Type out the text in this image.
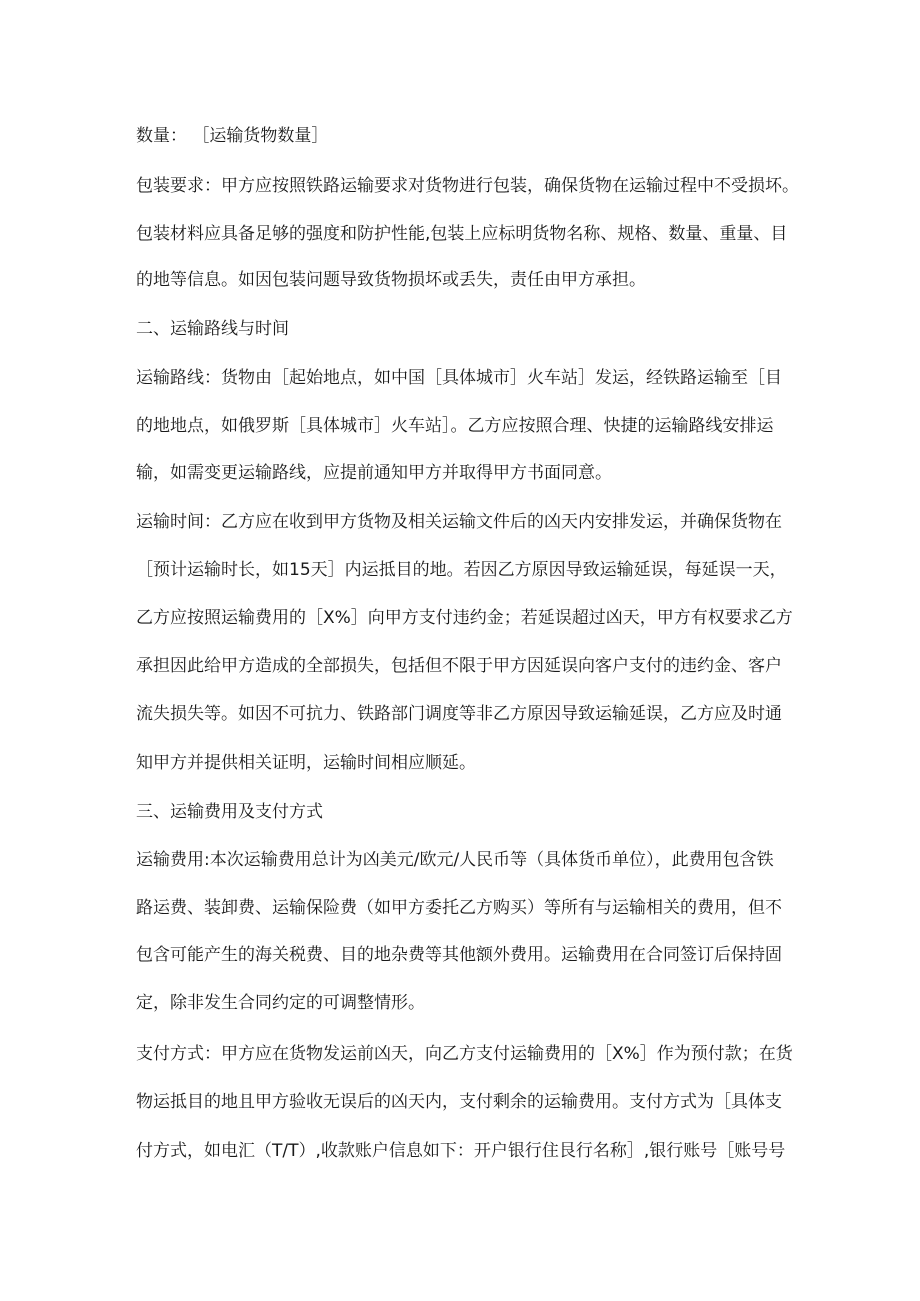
数量： ［运输货物数量］
包装要求：甲方应按照铁路运输要求对货物进行包装，确保货物在运输过程中不受损坏。
包装材料应具备足够的强度和防护性能,包装上应标明货物名称、规格、数量、重量、目
的地等信息。如因包装问题导致货物损坏或丢失，责任由甲方承担。
二、运输路线与时间
运输路线：货物由［起始地点，如中国［具体城市］火车站］发运，经铁路运输至［目
的地地点，如俄罗斯［具体城市］火车站］。乙方应按照合理、快捷的运输路线安排运
输，如需变更运输路线，应提前通知甲方并取得甲方书面同意。
运输时间：乙方应在收到甲方货物及相关运输文件后的凶天内安排发运，并确保货物在
［预计运输时长，如15天］内运抵目的地。若因乙方原因导致运输延误，每延误一天，
乙方应按照运输费用的［X%］向甲方支付违约金；若延误超过凶天，甲方有权要求乙方
承担因此给甲方造成的全部损失，包括但不限于甲方因延误向客户支付的违约金、客户
流失损失等。如因不可抗力、铁路部门调度等非乙方原因导致运输延误，乙方应及时通
知甲方并提供相关证明，运输时间相应顺延。
三、运输费用及支付方式
运输费用:本次运输费用总计为凶美元/欧元/人民币等（具体货币单位），此费用包含铁
路运费、装卸费、运输保险费（如甲方委托乙方购买）等所有与运输相关的费用，但不
包含可能产生的海关税费、目的地杂费等其他额外费用。运输费用在合同签订后保持固
定，除非发生合同约定的可调整情形。
支付方式：甲方应在货物发运前凶天，向乙方支付运输费用的［X%］作为预付款；在货
物运抵目的地且甲方验收无误后的凶天内，支付剩余的运输费用。支付方式为［具体支
付方式，如电汇（T/T）,收款账户信息如下：开户银行住艮行名称］,银行账号［账号号
